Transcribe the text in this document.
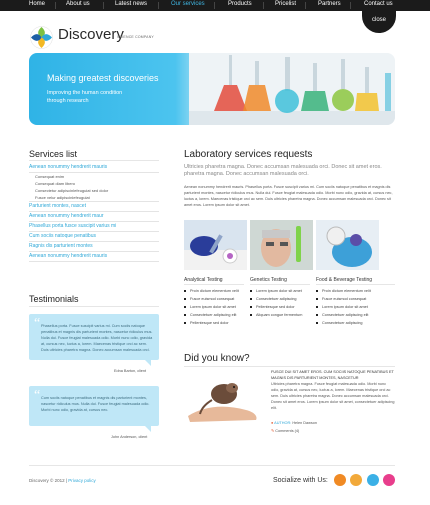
Home	About us	Latest news	Our services	Products	Pricelist	Partners	Contact us
close
Discovery
SCIENCE COMPANY
Making greatest discoveries
Improving the human condition through research
Services list
Aenean nonummy hendrerit mauris
Consequat enim
Consequat diam libero
Consectetur adipiscinlefeuguiat sed dolor
Fusce velur adipiscinlefeuguiat
Parturient montes, nascet
Aenean nonummy hendrerit maur
Phasellus porta fusce suscipit varius mi
Cum sociis natoque penatibus
Ragnis dis parturient montes
Aenean nonummy hendrerit mauris
Testimonials
“ Phasellus porta. Fusce suscipit varius mi. Cum sociis natoque penatibus et magnis dis parturient montes, nascetur ridiculus mus. Nulla dui. Fusce feugiat malesuada odio. Morbi nunc odio, gravida at, cursus nec, luctus a, lorem. Maecenas tristique orci ac sem. Duis ultricies pharetra magna. Donec accumsan malesuada orci.
Edna Barton, client
“ Cum sociis natoque penatibus et magnis dis parturient montes, nascetur ridiculus mus. Nulla dui. Fusce feugiat malesuada odio. Morbi nunc odio, gravida at, cursus nec.
John Anderson, client
Laboratory services requests
Ultricies pharetra magna. Donec accumsan malesuada orci. Donec sit amet eros. pharetra magna. Donec accumsan malesuada orci.
Aenean nonummy hendrerit mauris. Phasellus porta. Fusce suscipit varius mi. Cum sociis natoque penatibus et magnis dis parturient montes, nascetur ridiculus mus. Nulla dui. Fusce feugiat malesuada odio. Morbi nunc odio, gravida at, cursus nec, luctus a, lorem. Maecenas tristique orci ac sem. Duis ultricies pharetra magna. Donec accumsan malesuada orci. Donec sit amet eros. Lorem ipsum dolor sit amet.
Analytical Testing	Genetics Testing	Food & Beverage Testing
Proin dictum elementum velit
Fusce euismod consequat
Lorem ipsum dolor sit amet
Consectetuer adipiscing elit
Pellentesque sed dolor
Lorem ipsum dolor sit amet
Consectetuer adipiscing
Pellentesque sed dolor
Aliquam congue fermentum
Proin dictum elementum velit
Fusce euismod consequat
Lorem ipsum dolor sit amet
Consectetuer adipiscing elit
Consectetuer adipiscing
Did you know?
FUSCE DUI SIT AMET EROS. CUM SOCIIS NATOQUE PENATIBUS ET MAGNIS DIS PARTURIENT MONTES, NASCETUR
Ultricies pharetra magna. Fusce feugiat malesuada odio. Morbi nunc odio, gravida at, cursus nec, luctus a, lorem. Maecenas tristique orci ac sem. Duis ultricies pharetra magna. Donec accumsan malesuada orci. Donec sit amet eros. Lorem ipsum dolor sit amet, consectetuer adipiscing elit.
● AUTHOR: Helen Dawson
✎ Comments (4)
Discovery © 2012 | Privacy policy	Socialize with Us:
